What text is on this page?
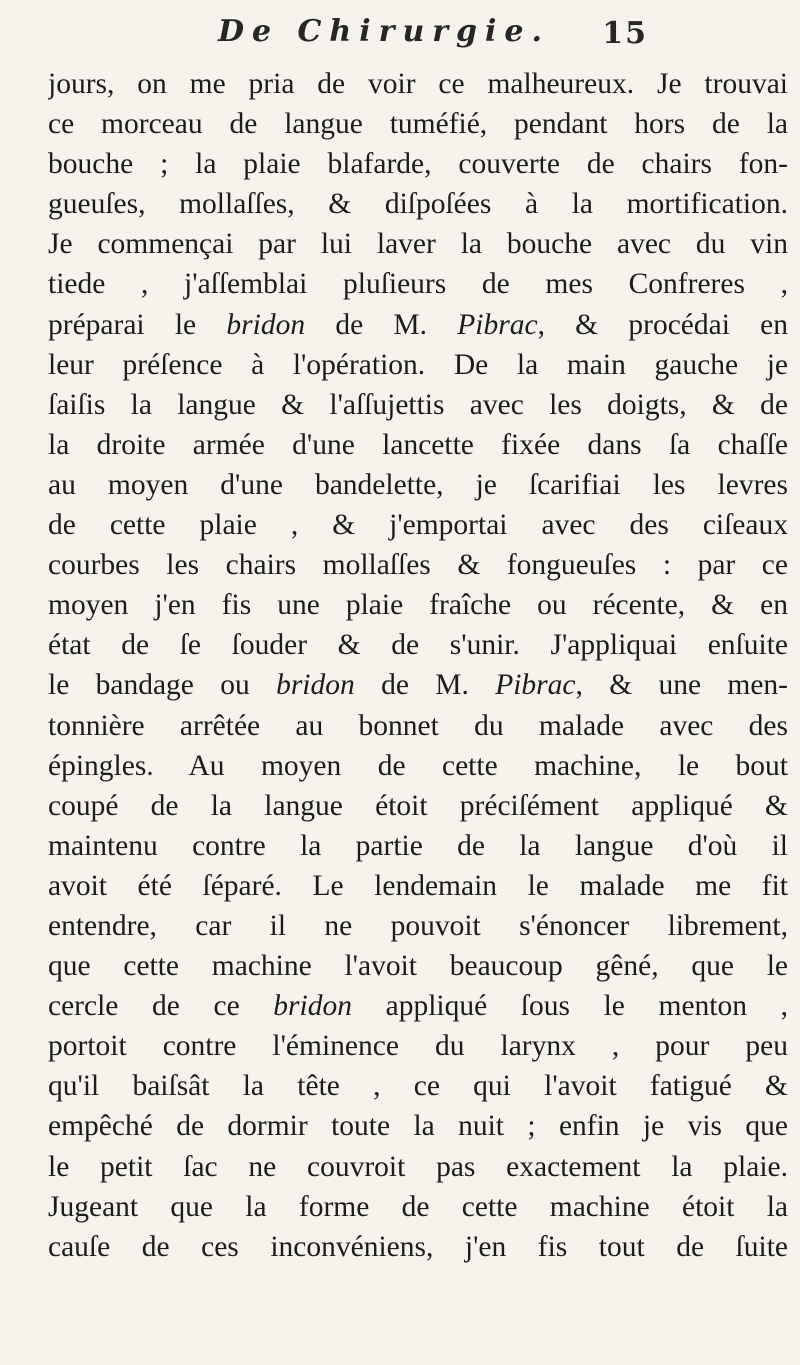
De Chirurgie. 15
jours, on me pria de voir ce malheureux. Je trouvai
ce morceau de langue tuméfié, pendant hors de la
bouche ; la plaie blafarde, couverte de chairs fon-
gueuſes, mollaſſes, & diſpoſées à la mortification.
Je commençai par lui laver la bouche avec du vin
tiede , j'aſſemblai pluſieurs de mes Confreres ,
préparai le bridon de M. Pibrac, & procédai en
leur préſence à l'opération. De la main gauche je
ſaiſis la langue & l'aſſujettis avec les doigts, & de
la droite armée d'une lancette fixée dans ſa chaſſe
au moyen d'une bandelette, je ſcarifiai les levres
de cette plaie , & j'emportai avec des ciſeaux
courbes les chairs mollaſſes & fongueuſes : par ce
moyen j'en fis une plaie fraîche ou récente, & en
état de ſe ſouder & de s'unir. J'appliquai enſuite
le bandage ou bridon de M. Pibrac, & une men-
tonnière arrêtée au bonnet du malade avec des
épingles. Au moyen de cette machine, le bout
coupé de la langue étoit préciſément appliqué &
maintenu contre la partie de la langue d'où il
avoit été ſéparé. Le lendemain le malade me fit
entendre, car il ne pouvoit s'énoncer librement,
que cette machine l'avoit beaucoup gêné, que le
cercle de ce bridon appliqué ſous le menton ,
portoit contre l'éminence du larynx , pour peu
qu'il baiſsât la tête , ce qui l'avoit fatigué &
empêché de dormir toute la nuit ; enfin je vis que
le petit ſac ne couvroit pas exactement la plaie.
Jugeant que la forme de cette machine étoit la
cauſe de ces inconvéniens, j'en fis tout de ſuite
